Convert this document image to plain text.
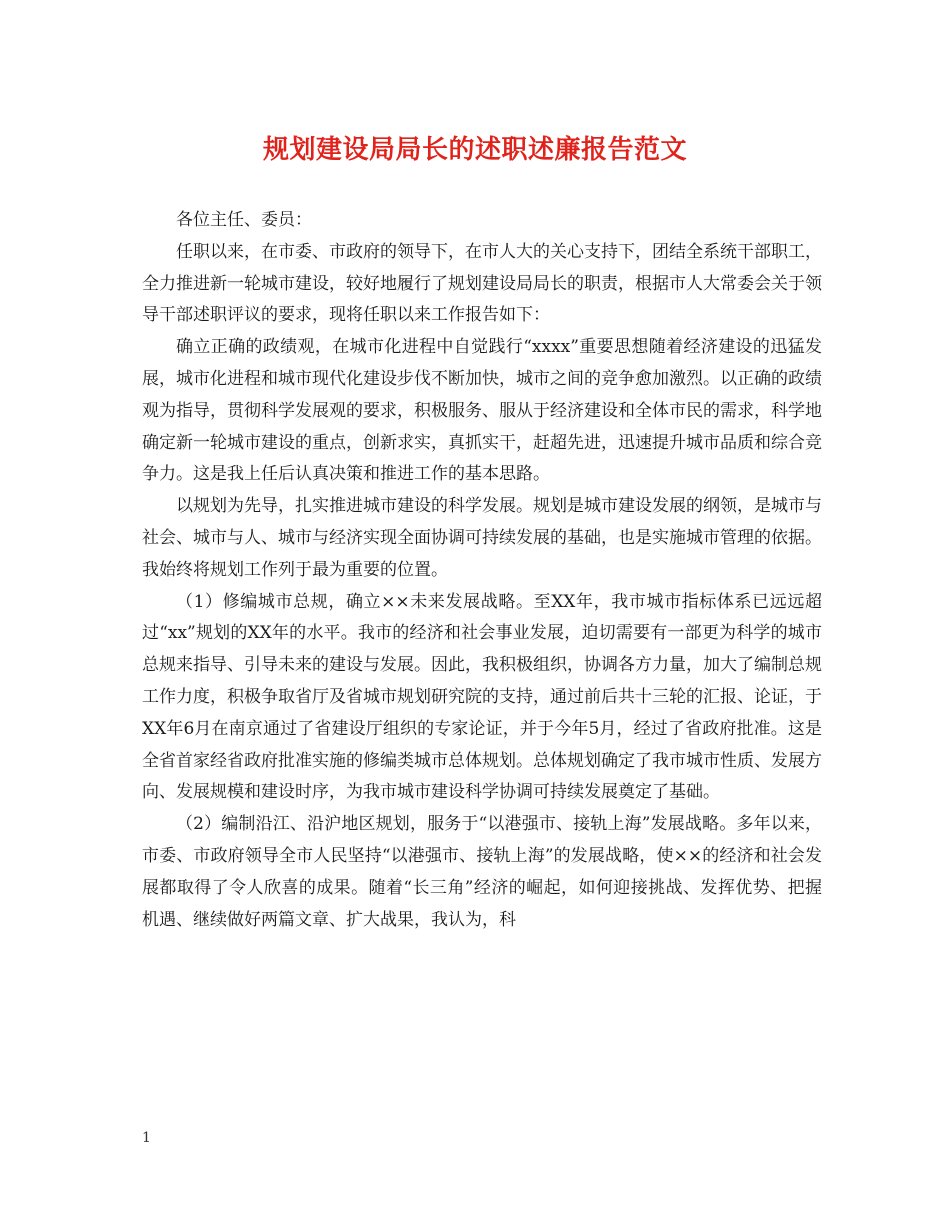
规划建设局局长的述职述廉报告范文

各位主任、委员：

任职以来，在市委、市政府的领导下，在市人大的关心支持下，团结全系统干部职工，全力推进新一轮城市建设，较好地履行了规划建设局局长的职责，根据市人大常委会关于领导干部述职评议的要求，现将任职以来工作报告如下：

确立正确的政绩观，在城市化进程中自觉践行“xxxx”重要思想随着经济建设的迅猛发展，城市化进程和城市现代化建设步伐不断加快，城市之间的竞争愈加激烈。以正确的政绩观为指导，贯彻科学发展观的要求，积极服务、服从于经济建设和全体市民的需求，科学地确定新一轮城市建设的重点，创新求实，真抓实干，赶超先进，迅速提升城市品质和综合竞争力。这是我上任后认真决策和推进工作的基本思路。

以规划为先导，扎实推进城市建设的科学发展。规划是城市建设发展的纲领，是城市与社会、城市与人、城市与经济实现全面协调可持续发展的基础，也是实施城市管理的依据。我始终将规划工作列于最为重要的位置。

（1）修编城市总规，确立××未来发展战略。至XX年，我市城市指标体系已远远超过“xx”规划的XX年的水平。我市的经济和社会事业发展，迫切需要有一部更为科学的城市总规来指导、引导未来的建设与发展。因此，我积极组织，协调各方力量，加大了编制总规工作力度，积极争取省厅及省城市规划研究院的支持，通过前后共十三轮的汇报、论证，于XX年6月在南京通过了省建设厅组织的专家论证，并于今年5月，经过了省政府批准。这是全省首家经省政府批准实施的修编类城市总体规划。总体规划确定了我市城市性质、发展方向、发展规模和建设时序，为我市城市建设科学协调可持续发展奠定了基础。

（2）编制沿江、沿沪地区规划，服务于“以港强市、接轨上海”发展战略。多年以来，市委、市政府领导全市人民坚持“以港强市、接轨上海”的发展战略，使××的经济和社会发展都取得了令人欣喜的成果。随着“长三角”经济的崛起，如何迎接挑战、发挥优势、把握机遇、继续做好两篇文章、扩大战果，我认为，科

1
